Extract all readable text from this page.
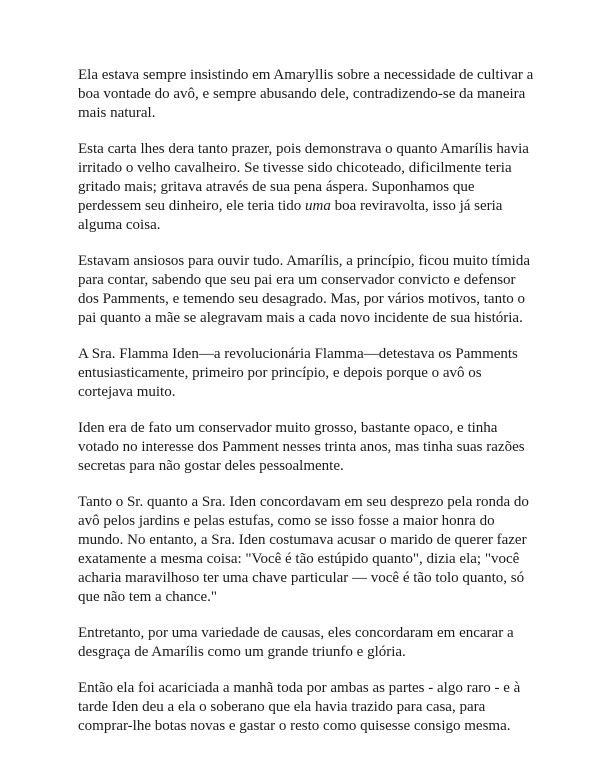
Ela estava sempre insistindo em Amaryllis sobre a necessidade de cultivar a boa vontade do avô, e sempre abusando dele, contradizendo-se da maneira mais natural.

Esta carta lhes dera tanto prazer, pois demonstrava o quanto Amarílis havia irritado o velho cavalheiro. Se tivesse sido chicoteado, dificilmente teria gritado mais; gritava através de sua pena áspera. Suponhamos que perdessem seu dinheiro, ele teria tido uma boa reviravolta, isso já seria alguma coisa.

Estavam ansiosos para ouvir tudo. Amarílis, a princípio, ficou muito tímida para contar, sabendo que seu pai era um conservador convicto e defensor dos Pamments, e temendo seu desagrado. Mas, por vários motivos, tanto o pai quanto a mãe se alegravam mais a cada novo incidente de sua história.

A Sra. Flamma Iden—a revolucionária Flamma—detestava os Pamments entusiasticamente, primeiro por princípio, e depois porque o avô os cortejava muito.

Iden era de fato um conservador muito grosso, bastante opaco, e tinha votado no interesse dos Pamment nesses trinta anos, mas tinha suas razões secretas para não gostar deles pessoalmente.

Tanto o Sr. quanto a Sra. Iden concordavam em seu desprezo pela ronda do avô pelos jardins e pelas estufas, como se isso fosse a maior honra do mundo. No entanto, a Sra. Iden costumava acusar o marido de querer fazer exatamente a mesma coisa: "Você é tão estúpido quanto", dizia ela; "você acharia maravilhoso ter uma chave particular — você é tão tolo quanto, só que não tem a chance."

Entretanto, por uma variedade de causas, eles concordaram em encarar a desgraça de Amarílis como um grande triunfo e glória.

Então ela foi acariciada a manhã toda por ambas as partes - algo raro - e à tarde Iden deu a ela o soberano que ela havia trazido para casa, para comprar-lhe botas novas e gastar o resto como quisesse consigo mesma.
